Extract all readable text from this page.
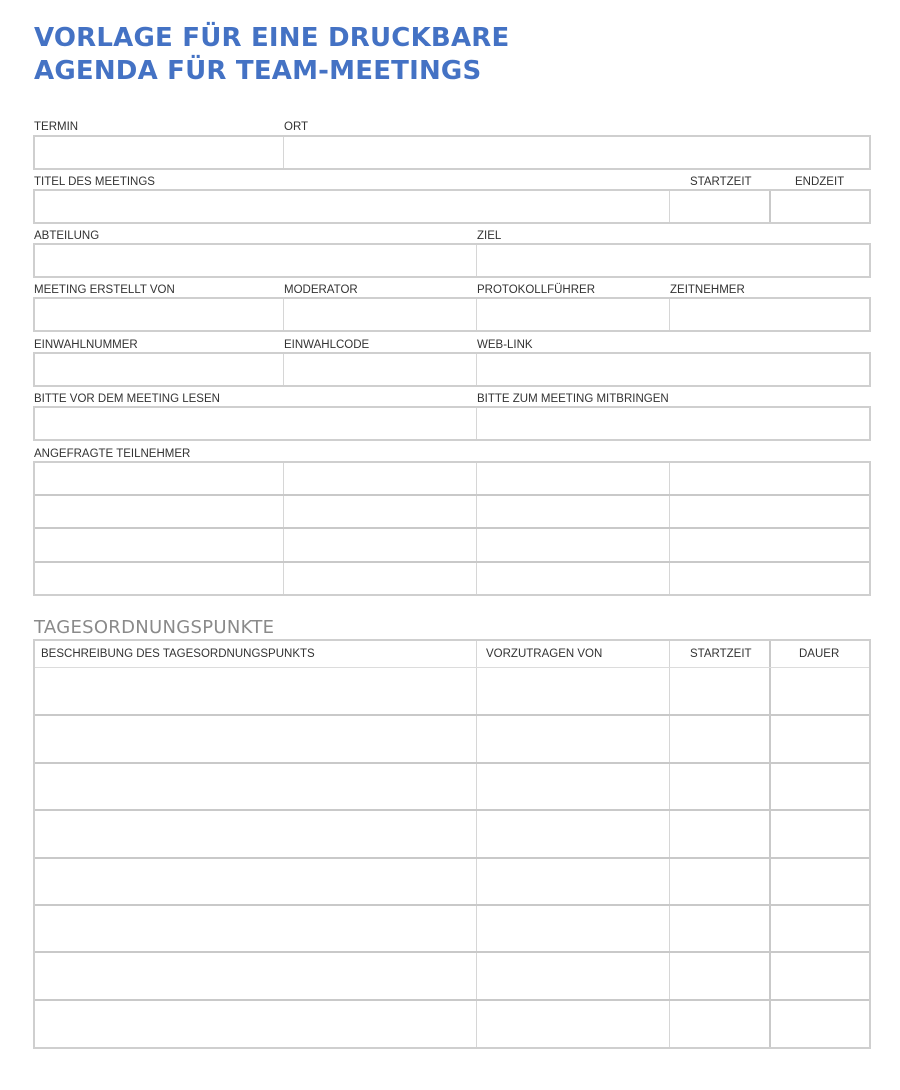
VORLAGE FÜR EINE DRUCKBARE
AGENDA FÜR TEAM-MEETINGS
TERMIN	ORT
TITEL DES MEETINGS	STARTZEIT	ENDZEIT
ABTEILUNG	ZIEL
MEETING ERSTELLT VON	MODERATOR	PROTOKOLLFÜHRER	ZEITNEHMER
EINWAHLNUMMER	EINWAHLCODE	WEB-LINK
BITTE VOR DEM MEETING LESEN	BITTE ZUM MEETING MITBRINGEN
ANGEFRAGTE TEILNEHMER
TAGESORDNUNGSPUNKTE
BESCHREIBUNG DES TAGESORDNUNGSPUNKTS	VORZUTRAGEN VON	STARTZEIT	DAUER
